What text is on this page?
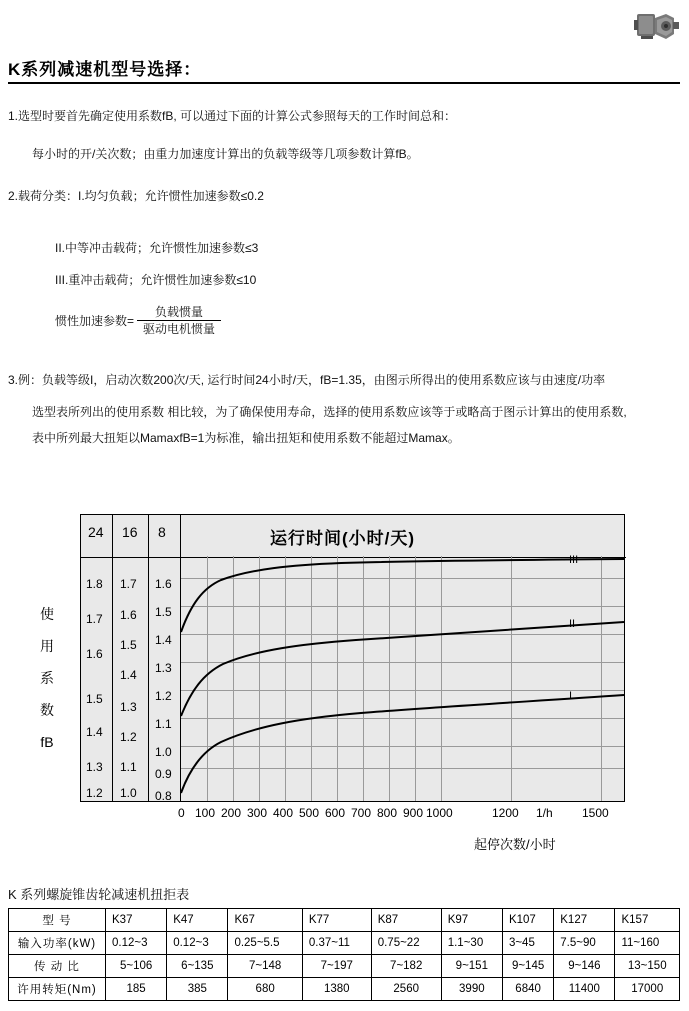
K系列减速机型号选择：
1.选型时要首先确定使用系数fB, 可以通过下面的计算公式参照每天的工作时间总和：
每小时的开/关次数；由重力加速度计算出的负载等级等几项参数计算fB。
2.载荷分类：I.均匀负载；允许惯性加速参数≤0.2
II.中等冲击载荷；允许惯性加速参数≤3
III.重冲击载荷；允许惯性加速参数≤10
惯性加速参数= $\frac{\text{负载惯量}}{\text{驱动电机惯量}}$
3.例：负载等级I，启动次数200次/天, 运行时间24小时/天，fB=1.35，由图示所得出的使用系数应该与由速度/功率
选型表所列出的使用系数 相比较，为了确保使用寿命，选择的使用系数应该等于或略高于图示计算出的使用系数,
表中所列最大扭矩以MamaxfB=1为标准，输出扭矩和使用系数不能超过Mamax。
24 16 8	运行时间(小时/天)
使
用
系
数
fB
1.8
1.7
1.6
1.5
1.4
1.3
1.2
1.7
1.6
1.5
1.4
1.3
1.2
1.1
1.0
1.6
1.5
1.4
1.3
1.2
1.1
1.0
0.9
0.8
III
II
I
0 100 200 300 400 500 600 700 800 900 1000	1200	1500
1/h
起停次数/小时
K 系列螺旋锥齿轮减速机扭拒表
型 号	K37	K47	K67	K77	K87	K97	K107	K127	K157
输入功率(kW)	0.12~3	0.12~3	0.25~5.5	0.37~11	0.75~22	1.1~30	3~45	7.5~90	11~160
传 动 比	5~106	6~135	7~148	7~197	7~182	9~151	9~145	9~146	13~150
许用转矩(Nm)	185	385	680	1380	2560	3990	6840	11400	17000
